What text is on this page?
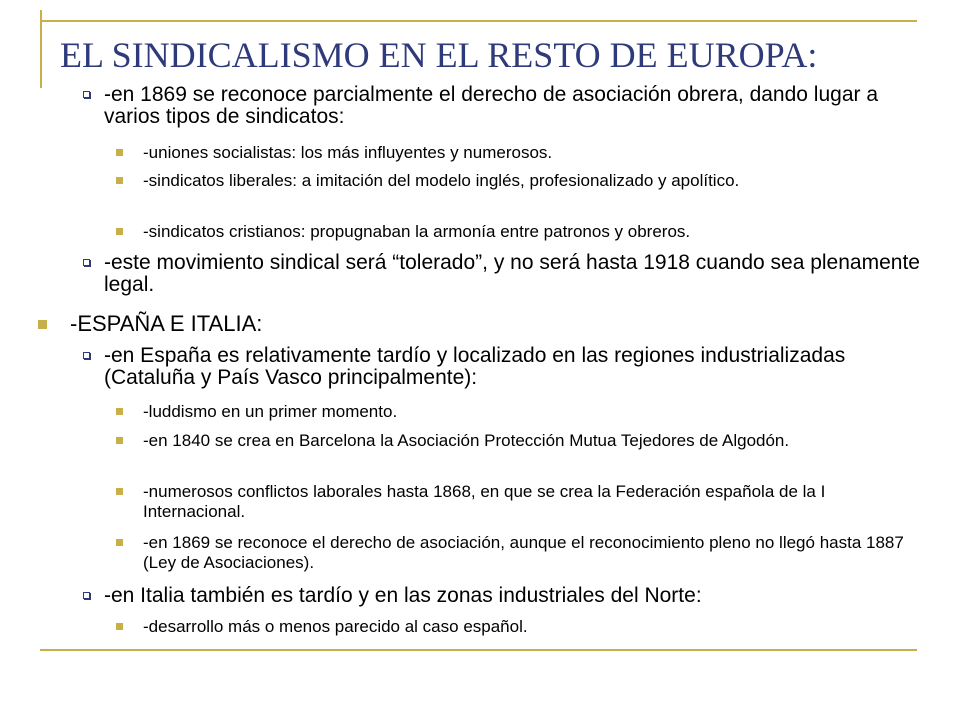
EL SINDICALISMO EN EL RESTO DE EUROPA:
-en 1869 se reconoce parcialmente el derecho de asociación obrera, dando lugar a varios tipos de sindicatos:
-uniones socialistas: los más influyentes y numerosos.
-sindicatos liberales: a imitación del modelo inglés, profesionalizado y apolítico.
-sindicatos cristianos: propugnaban la armonía entre patronos y obreros.
-este movimiento sindical será “tolerado”, y no será hasta 1918 cuando sea plenamente legal.
-ESPAÑA E ITALIA:
-en España es relativamente tardío y localizado en las regiones industrializadas (Cataluña y País Vasco principalmente):
-luddismo en un primer momento.
-en 1840 se crea en Barcelona la Asociación Protección Mutua Tejedores de Algodón.
-numerosos conflictos laborales hasta 1868, en que se crea la Federación española de la I Internacional.
-en 1869 se reconoce el derecho de asociación, aunque el reconocimiento pleno no llegó hasta 1887 (Ley de Asociaciones).
-en Italia también es tardío y en las zonas industriales del Norte:
-desarrollo más o menos parecido al caso español.
